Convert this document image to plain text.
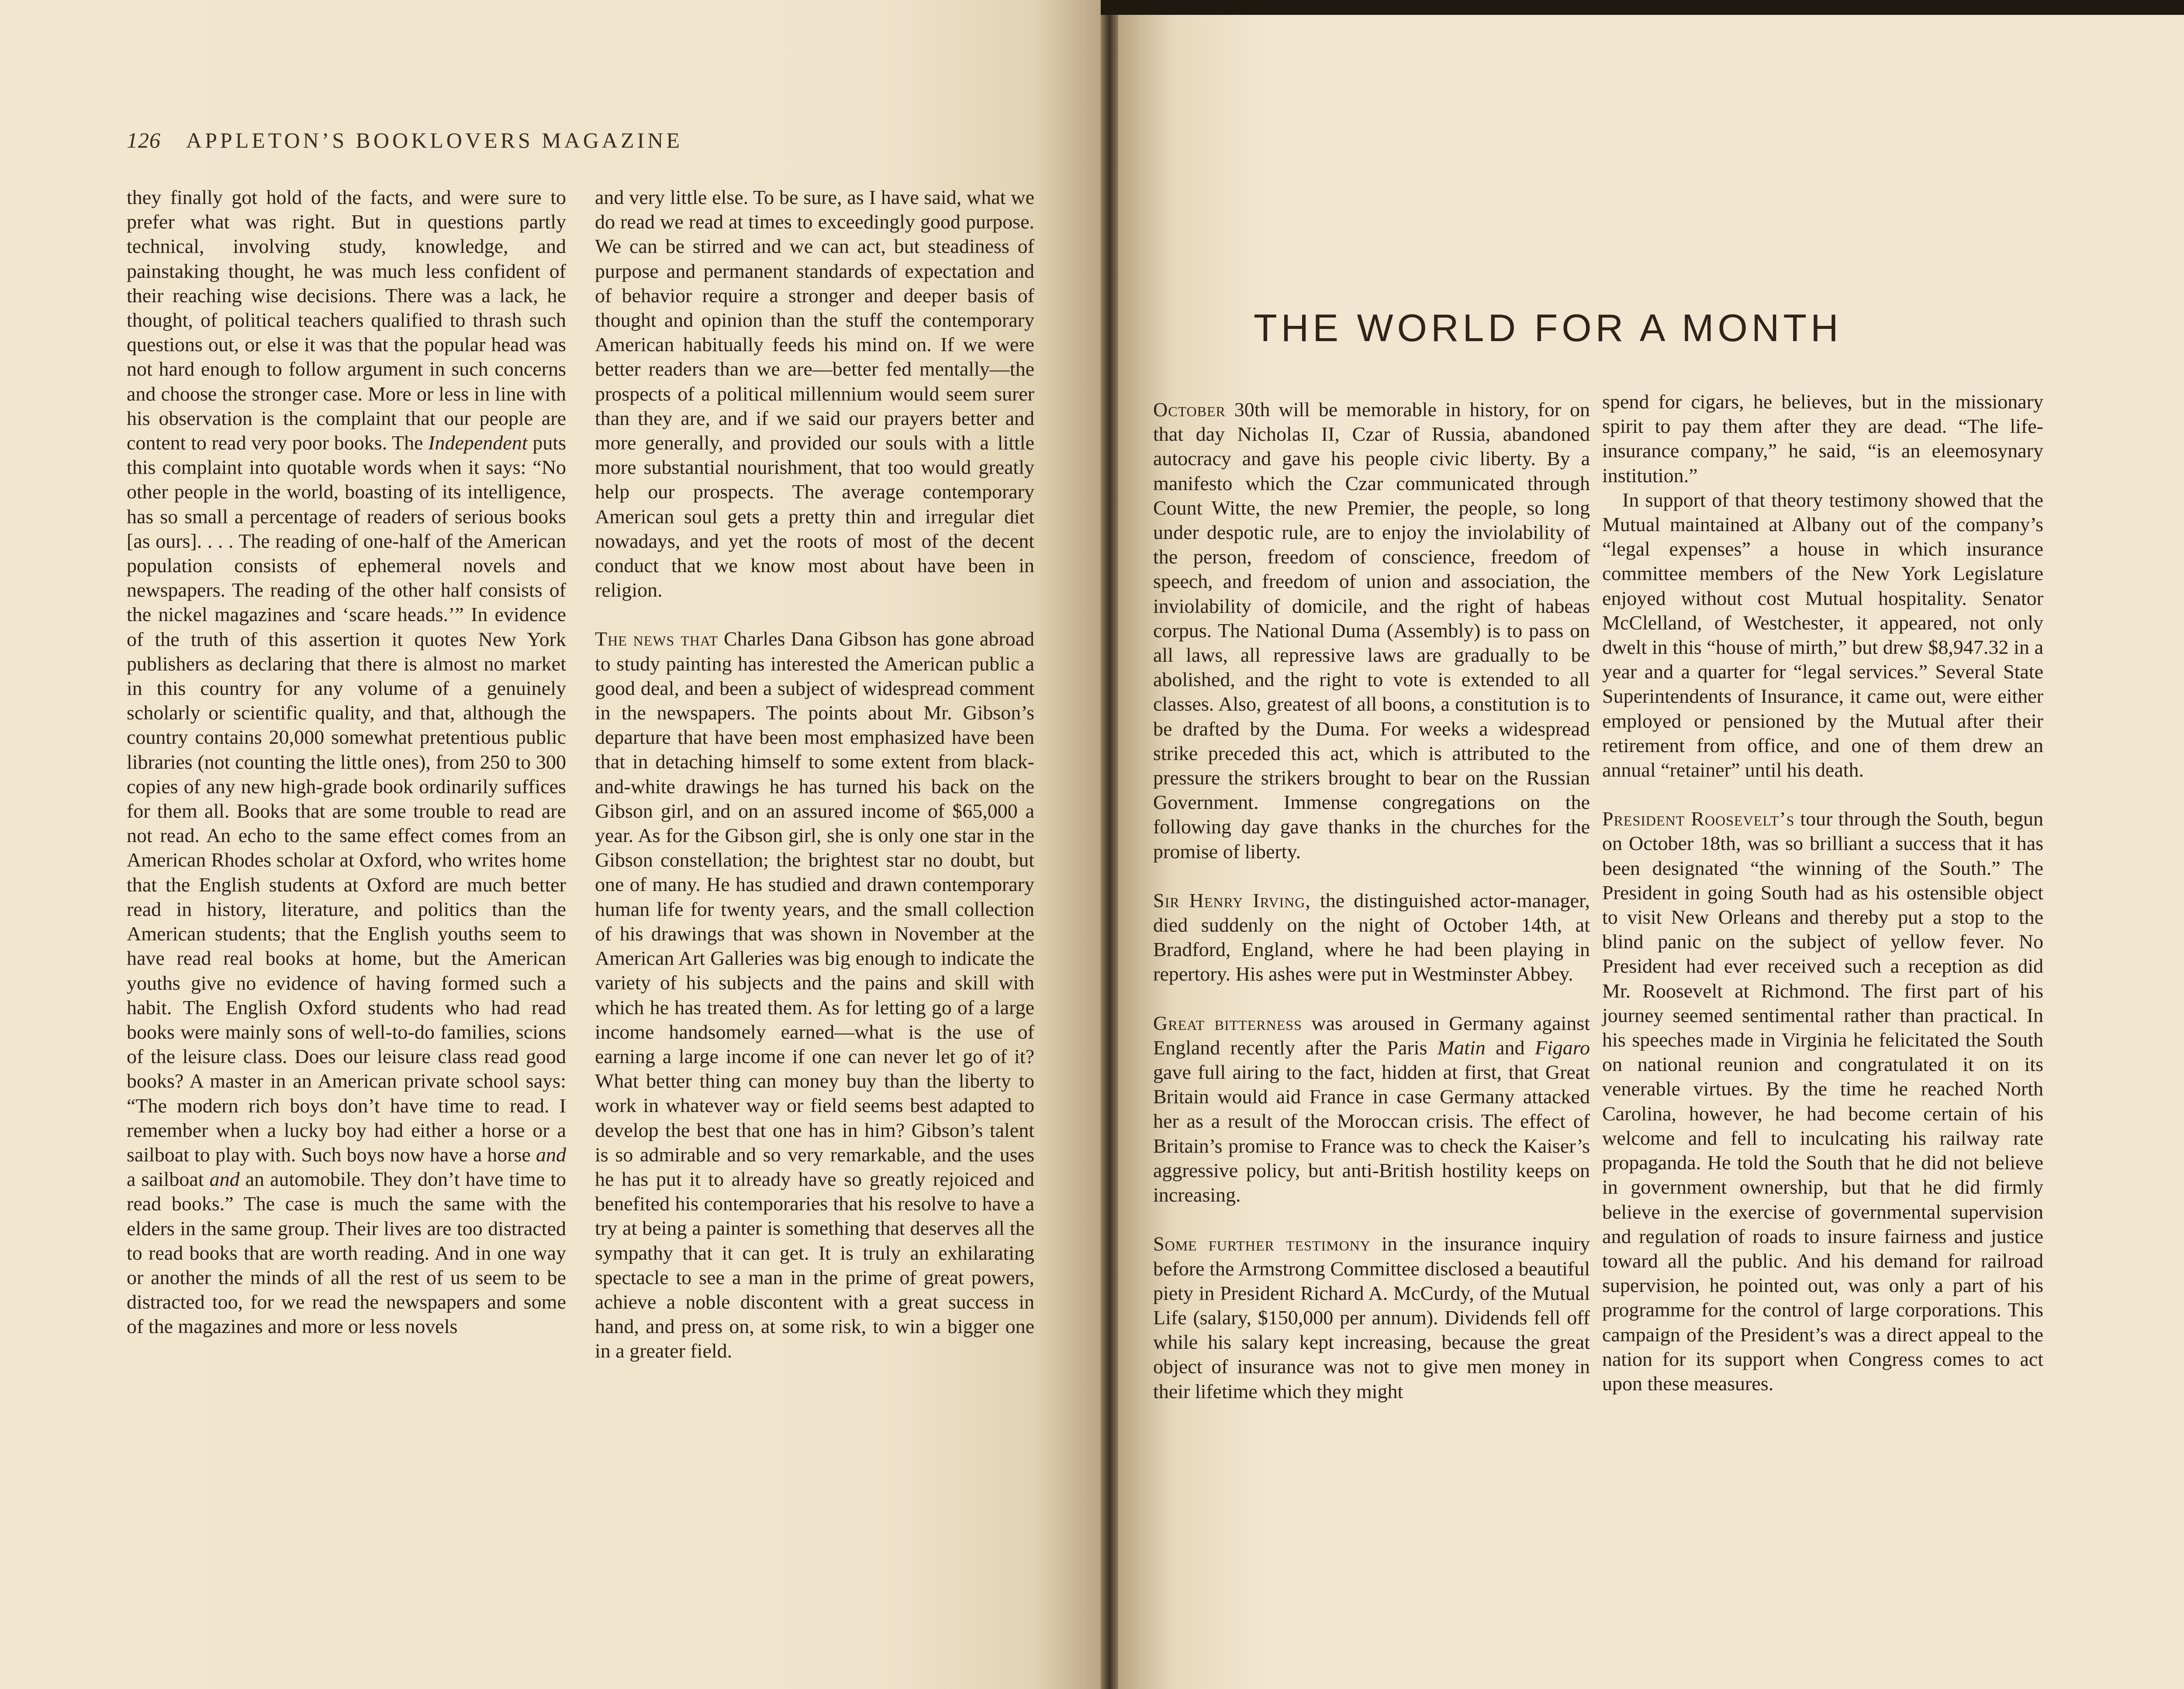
126 APPLETON’S BOOKLOVERS MAGAZINE

they finally got hold of the facts, and were sure to prefer what was right. But in questions partly technical, involving study, knowledge, and painstaking thought, he was much less confident of their reaching wise decisions. There was a lack, he thought, of political teachers qualified to thrash such questions out, or else it was that the popular head was not hard enough to follow argument in such concerns and choose the stronger case. More or less in line with his observation is the complaint that our people are content to read very poor books. The Independent puts this complaint into quotable words when it says: “No other people in the world, boasting of its intelligence, has so small a percentage of readers of serious books [as ours]. . . . The reading of one-half of the American population consists of ephemeral novels and newspapers. The reading of the other half consists of the nickel magazines and ‘scare heads.’” In evidence of the truth of this assertion it quotes New York publishers as declaring that there is almost no market in this country for any volume of a genuinely scholarly or scientific quality, and that, although the country contains 20,000 somewhat pretentious public libraries (not counting the little ones), from 250 to 300 copies of any new high-grade book ordinarily suffices for them all. Books that are some trouble to read are not read. An echo to the same effect comes from an American Rhodes scholar at Oxford, who writes home that the English students at Oxford are much better read in history, literature, and politics than the American students; that the English youths seem to have read real books at home, but the American youths give no evidence of having formed such a habit. The English Oxford students who had read books were mainly sons of well-to-do families, scions of the leisure class. Does our leisure class read good books? A master in an American private school says: “The modern rich boys don’t have time to read. I remember when a lucky boy had either a horse or a sailboat to play with. Such boys now have a horse and a sailboat and an automobile. They don’t have time to read books.” The case is much the same with the elders in the same group. Their lives are too distracted to read books that are worth reading. And in one way or another the minds of all the rest of us seem to be distracted too, for we read the newspapers and some of the magazines and more or less novels

and very little else. To be sure, as I have said, what we do read we read at times to exceedingly good purpose. We can be stirred and we can act, but steadiness of purpose and permanent standards of expectation and of behavior require a stronger and deeper basis of thought and opinion than the stuff the contemporary American habitually feeds his mind on. If we were better readers than we are—better fed mentally—the prospects of a political millennium would seem surer than they are, and if we said our prayers better and more generally, and provided our souls with a little more substantial nourishment, that too would greatly help our prospects. The average contemporary American soul gets a pretty thin and irregular diet nowadays, and yet the roots of most of the decent conduct that we know most about have been in religion.

The news that Charles Dana Gibson has gone abroad to study painting has interested the American public a good deal, and been a subject of widespread comment in the newspapers. The points about Mr. Gibson’s departure that have been most emphasized have been that in detaching himself to some extent from black-and-white drawings he has turned his back on the Gibson girl, and on an assured income of $65,000 a year. As for the Gibson girl, she is only one star in the Gibson constellation; the brightest star no doubt, but one of many. He has studied and drawn contemporary human life for twenty years, and the small collection of his drawings that was shown in November at the American Art Galleries was big enough to indicate the variety of his subjects and the pains and skill with which he has treated them. As for letting go of a large income handsomely earned—what is the use of earning a large income if one can never let go of it? What better thing can money buy than the liberty to work in whatever way or field seems best adapted to develop the best that one has in him? Gibson’s talent is so admirable and so very remarkable, and the uses he has put it to already have so greatly rejoiced and benefited his contemporaries that his resolve to have a try at being a painter is something that deserves all the sympathy that it can get. It is truly an exhilarating spectacle to see a man in the prime of great powers, achieve a noble discontent with a great success in hand, and press on, at some risk, to win a bigger one in a greater field.

THE WORLD FOR A MONTH

October 30th will be memorable in history, for on that day Nicholas II, Czar of Russia, abandoned autocracy and gave his people civic liberty. By a manifesto which the Czar communicated through Count Witte, the new Premier, the people, so long under despotic rule, are to enjoy the inviolability of the person, freedom of conscience, freedom of speech, and freedom of union and association, the inviolability of domicile, and the right of habeas corpus. The National Duma (Assembly) is to pass on all laws, all repressive laws are gradually to be abolished, and the right to vote is extended to all classes. Also, greatest of all boons, a constitution is to be drafted by the Duma. For weeks a widespread strike preceded this act, which is attributed to the pressure the strikers brought to bear on the Russian Government. Immense congregations on the following day gave thanks in the churches for the promise of liberty.

Sir Henry Irving, the distinguished actor-manager, died suddenly on the night of October 14th, at Bradford, England, where he had been playing in repertory. His ashes were put in Westminster Abbey.

Great bitterness was aroused in Germany against England recently after the Paris Matin and Figaro gave full airing to the fact, hidden at first, that Great Britain would aid France in case Germany attacked her as a result of the Moroccan crisis. The effect of Britain’s promise to France was to check the Kaiser’s aggressive policy, but anti-British hostility keeps on increasing.

Some further testimony in the insurance inquiry before the Armstrong Committee disclosed a beautiful piety in President Richard A. McCurdy, of the Mutual Life (salary, $150,000 per annum). Dividends fell off while his salary kept increasing, because the great object of insurance was not to give men money in their lifetime which they might

spend for cigars, he believes, but in the missionary spirit to pay them after they are dead. “The life-insurance company,” he said, “is an eleemosynary institution.”

In support of that theory testimony showed that the Mutual maintained at Albany out of the company’s “legal expenses” a house in which insurance committee members of the New York Legislature enjoyed without cost Mutual hospitality. Senator McClelland, of Westchester, it appeared, not only dwelt in this “house of mirth,” but drew $8,947.32 in a year and a quarter for “legal services.” Several State Superintendents of Insurance, it came out, were either employed or pensioned by the Mutual after their retirement from office, and one of them drew an annual “retainer” until his death.

President Roosevelt’s tour through the South, begun on October 18th, was so brilliant a success that it has been designated “the winning of the South.” The President in going South had as his ostensible object to visit New Orleans and thereby put a stop to the blind panic on the subject of yellow fever. No President had ever received such a reception as did Mr. Roosevelt at Richmond. The first part of his journey seemed sentimental rather than practical. In his speeches made in Virginia he felicitated the South on national reunion and congratulated it on its venerable virtues. By the time he reached North Carolina, however, he had become certain of his welcome and fell to inculcating his railway rate propaganda. He told the South that he did not believe in government ownership, but that he did firmly believe in the exercise of governmental supervision and regulation of roads to insure fairness and justice toward all the public. And his demand for railroad supervision, he pointed out, was only a part of his programme for the control of large corporations. This campaign of the President’s was a direct appeal to the nation for its support when Congress comes to act upon these measures.
